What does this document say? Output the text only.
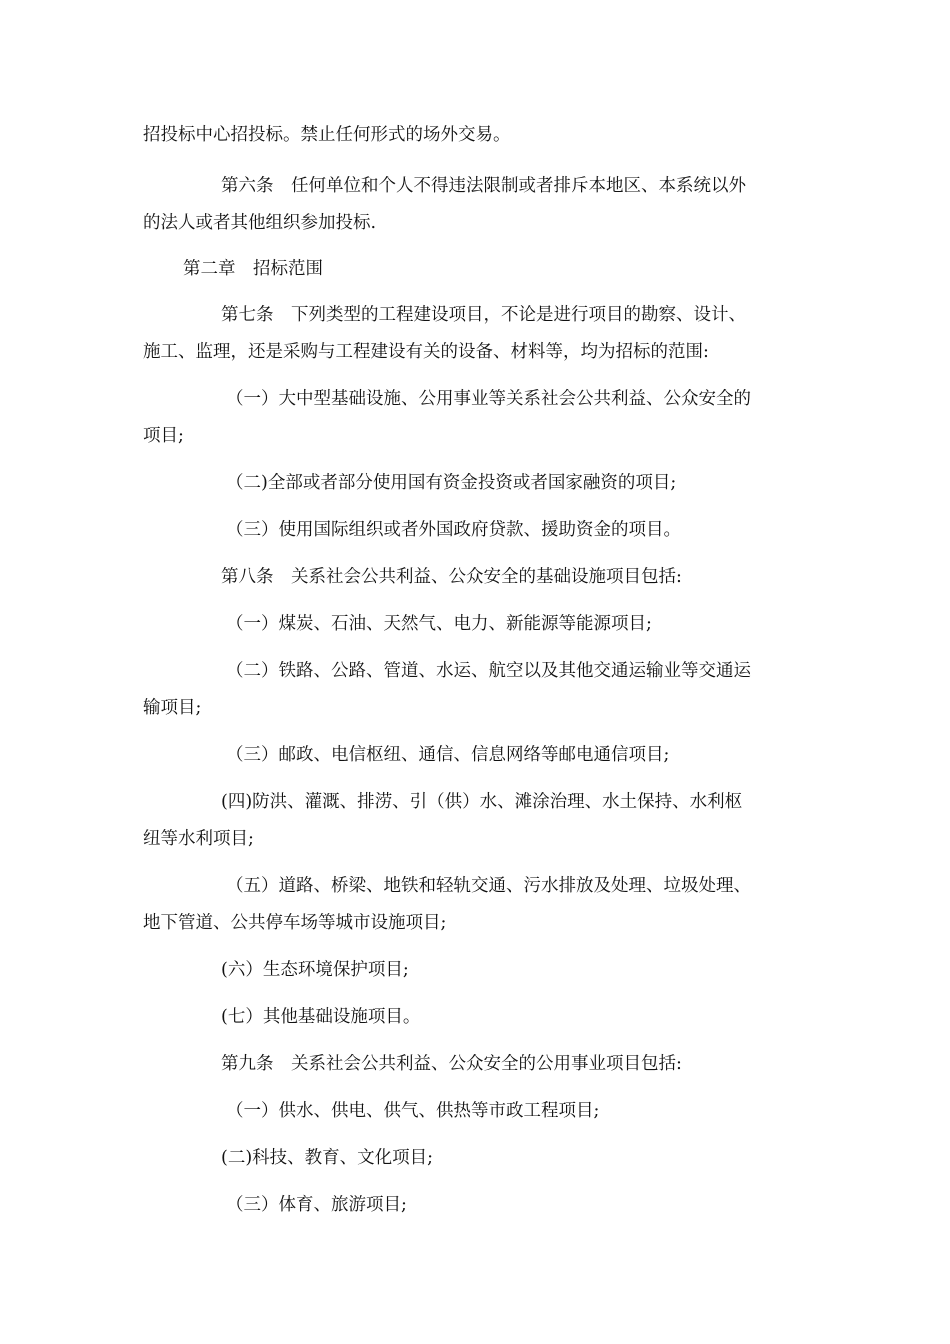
招投标中心招投标。禁止任何形式的场外交易。
第六条　任何单位和个人不得违法限制或者排斥本地区、本系统以外
的法人或者其他组织参加投标.
第二章　招标范围
第七条　下列类型的工程建设项目，不论是进行项目的勘察、设计、
施工、监理，还是采购与工程建设有关的设备、材料等，均为招标的范围:
（一）大中型基础设施、公用事业等关系社会公共利益、公众安全的
项目;
（二)全部或者部分使用国有资金投资或者国家融资的项目;
（三）使用国际组织或者外国政府贷款、援助资金的项目。
第八条　关系社会公共利益、公众安全的基础设施项目包括:
（一）煤炭、石油、天然气、电力、新能源等能源项目;
（二）铁路、公路、管道、水运、航空以及其他交通运输业等交通运
输项目;
（三）邮政、电信枢纽、通信、信息网络等邮电通信项目;
(四)防洪、灌溉、排涝、引（供）水、滩涂治理、水土保持、水利枢
纽等水利项目;
（五）道路、桥梁、地铁和轻轨交通、污水排放及处理、垃圾处理、
地下管道、公共停车场等城市设施项目;
(六）生态环境保护项目;
(七）其他基础设施项目。
第九条　关系社会公共利益、公众安全的公用事业项目包括:
（一）供水、供电、供气、供热等市政工程项目;
(二)科技、教育、文化项目;
（三）体育、旅游项目;
